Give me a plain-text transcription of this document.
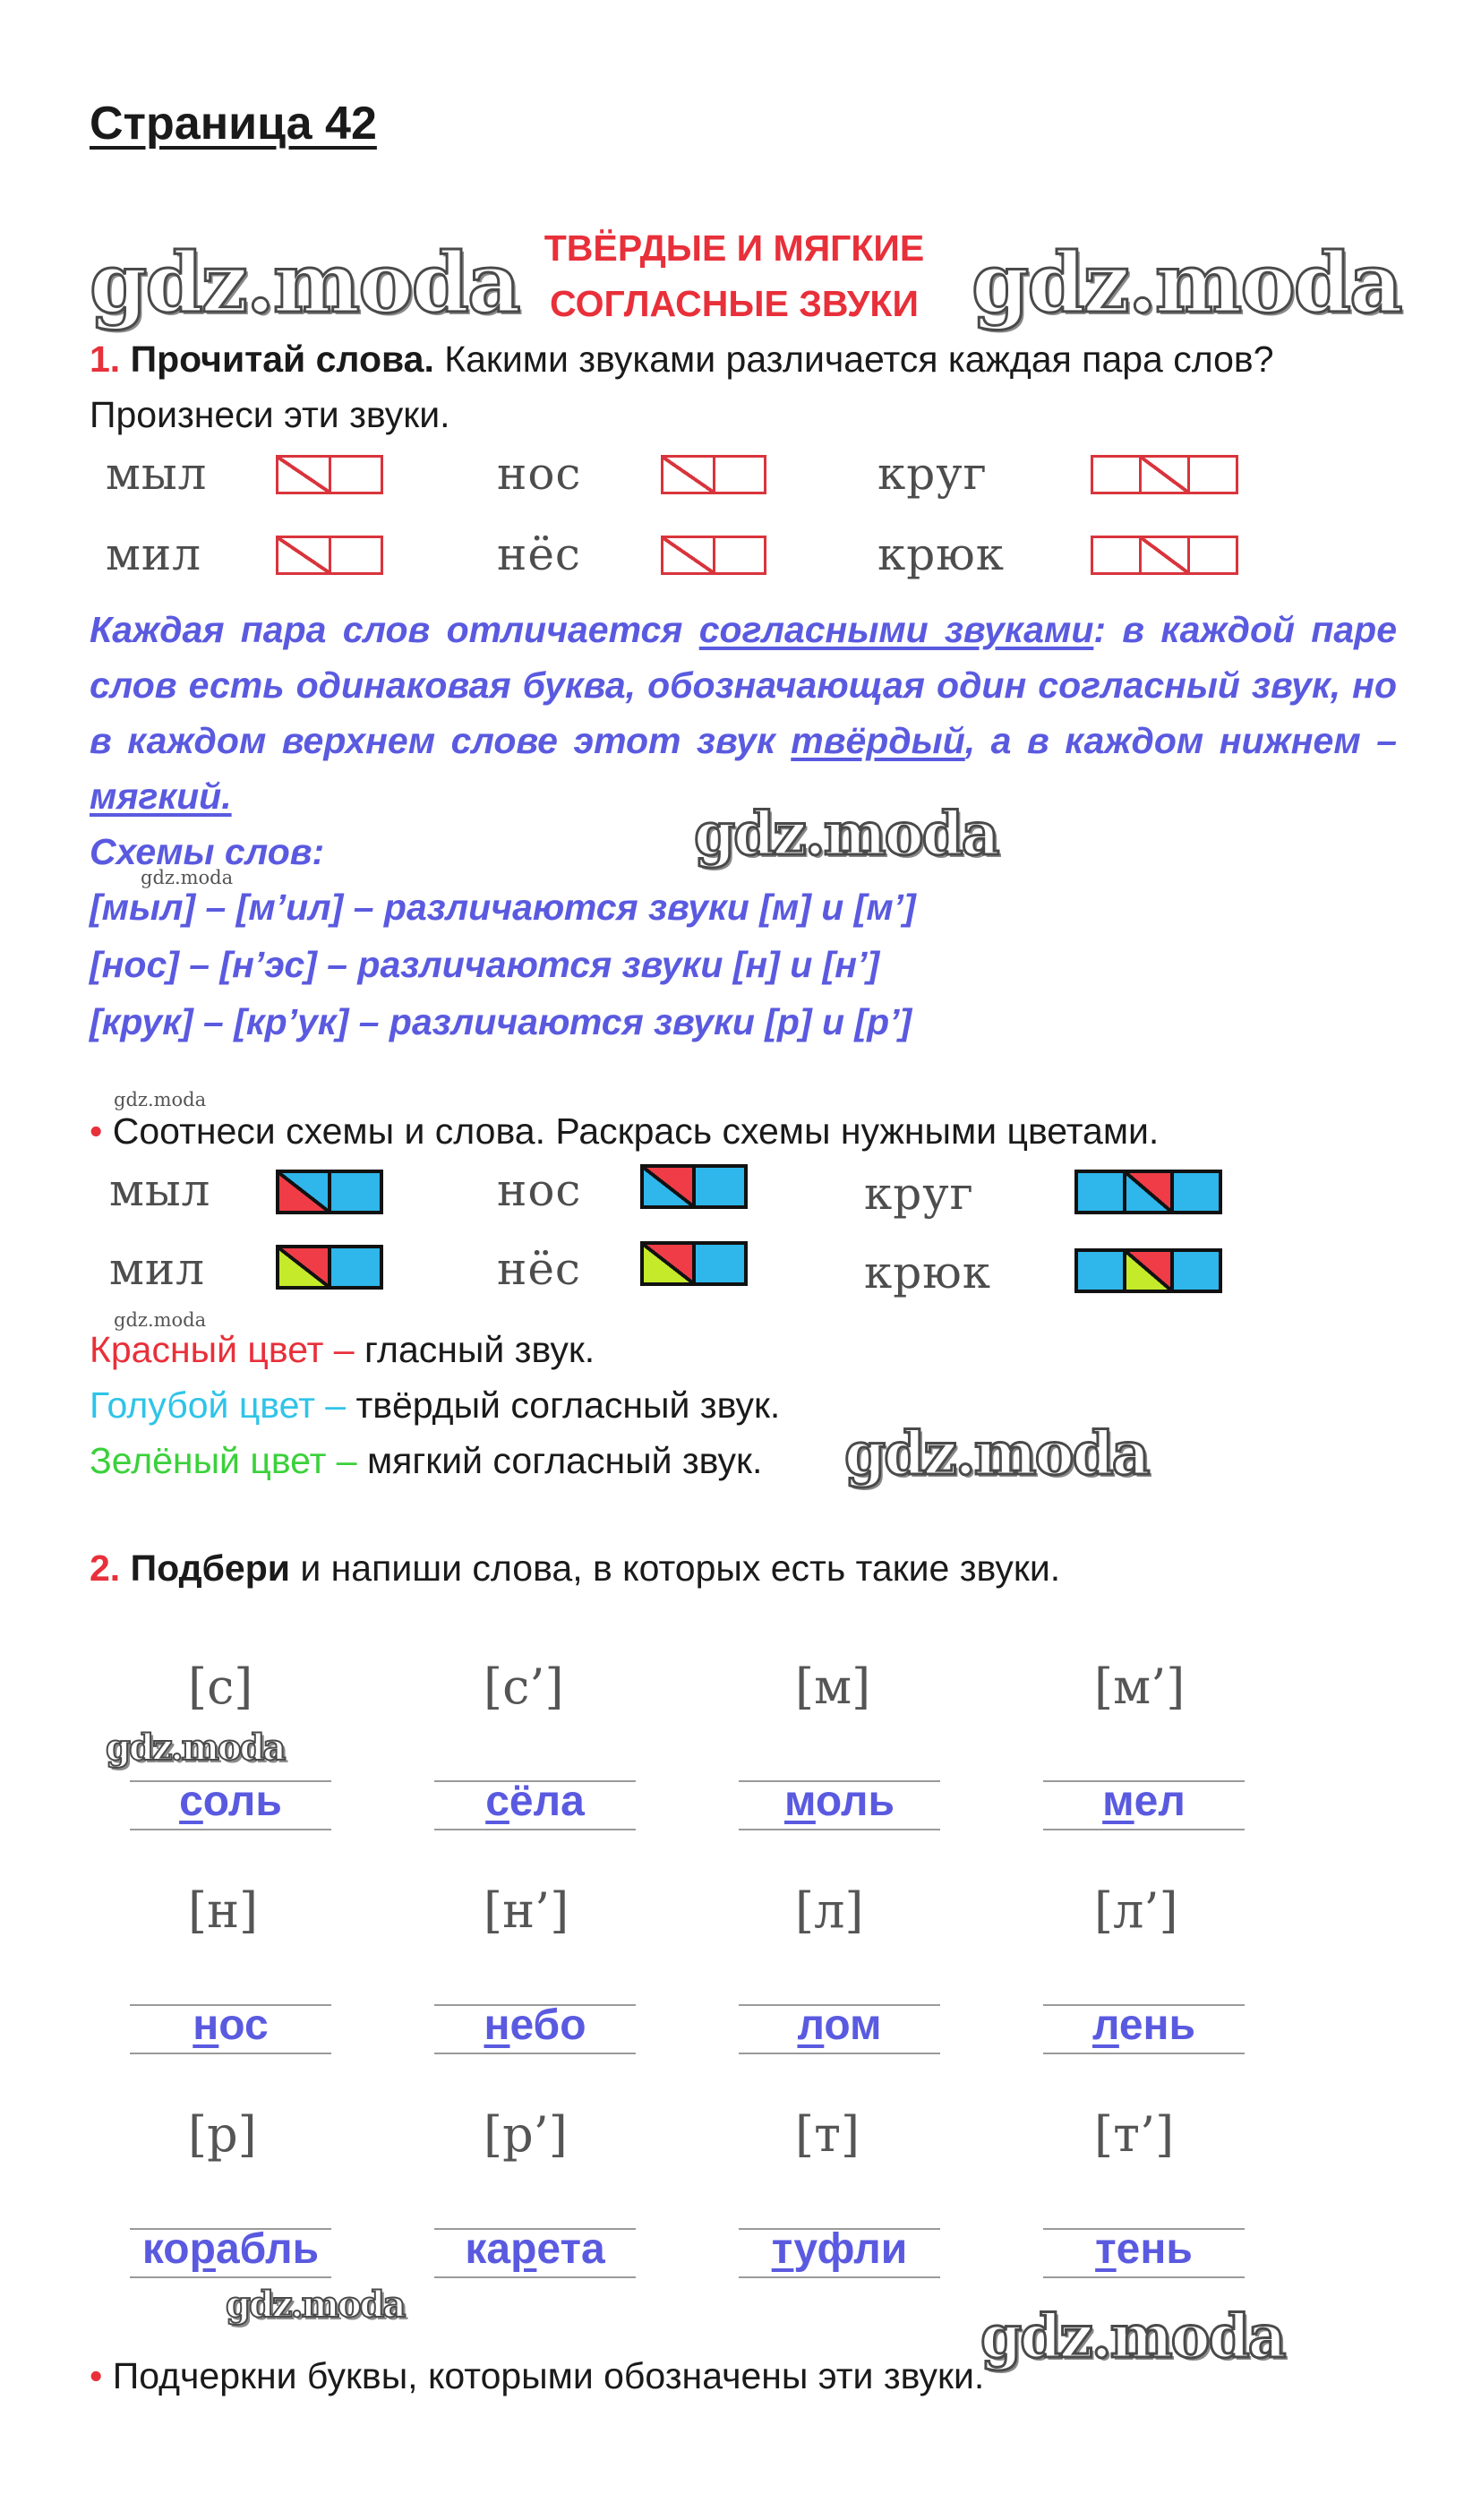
Страница 42
ТВЁРДЫЕ И МЯГКИЕ
СОГЛАСНЫЕ ЗВУКИ
gdz.moda	gdz.moda
gdz.moda
gdz.moda
gdz.moda
gdz.moda
gdz.moda
gdz.moda
gdz.moda	gdz.moda
1. Прочитай слова. Какими звуками различается каждая пара слов?
Произнеси эти звуки.
мыл	нос	круг
мил	нёс	крюк
Каждая пара слов отличается согласными звуками: в каждой паре слов есть одинаковая буква, обозначающая один согласный звук, но в каждом верхнем слове этот звук твёрдый, а в каждом нижнем – мягкий.
Схемы слов:
[мыл] – [м’ил] – различаются звуки [м] и [м’]
[нос] – [н’эс] – различаются звуки [н] и [н’]
[крук] – [кр’ук] – различаются звуки [р] и [р’]
• Соотнеси схемы и слова. Раскрась схемы нужными цветами.
мыл	нос	круг
мил	нёс	крюк
Красный цвет – гласный звук.
Голубой цвет – твёрдый согласный звук.
Зелёный цвет – мягкий согласный звук.
2. Подбери и напиши слова, в которых есть такие звуки.
[с]	[с’]	[м]	[м’]
соль	сёла	моль	мел
[н]	[н’]	[л]	[л’]
нос	небо	лом	лень
[р]	[р’]	[т]	[т’]
корабль	карета	туфли	тень
• Подчеркни буквы, которыми обозначены эти звуки.
